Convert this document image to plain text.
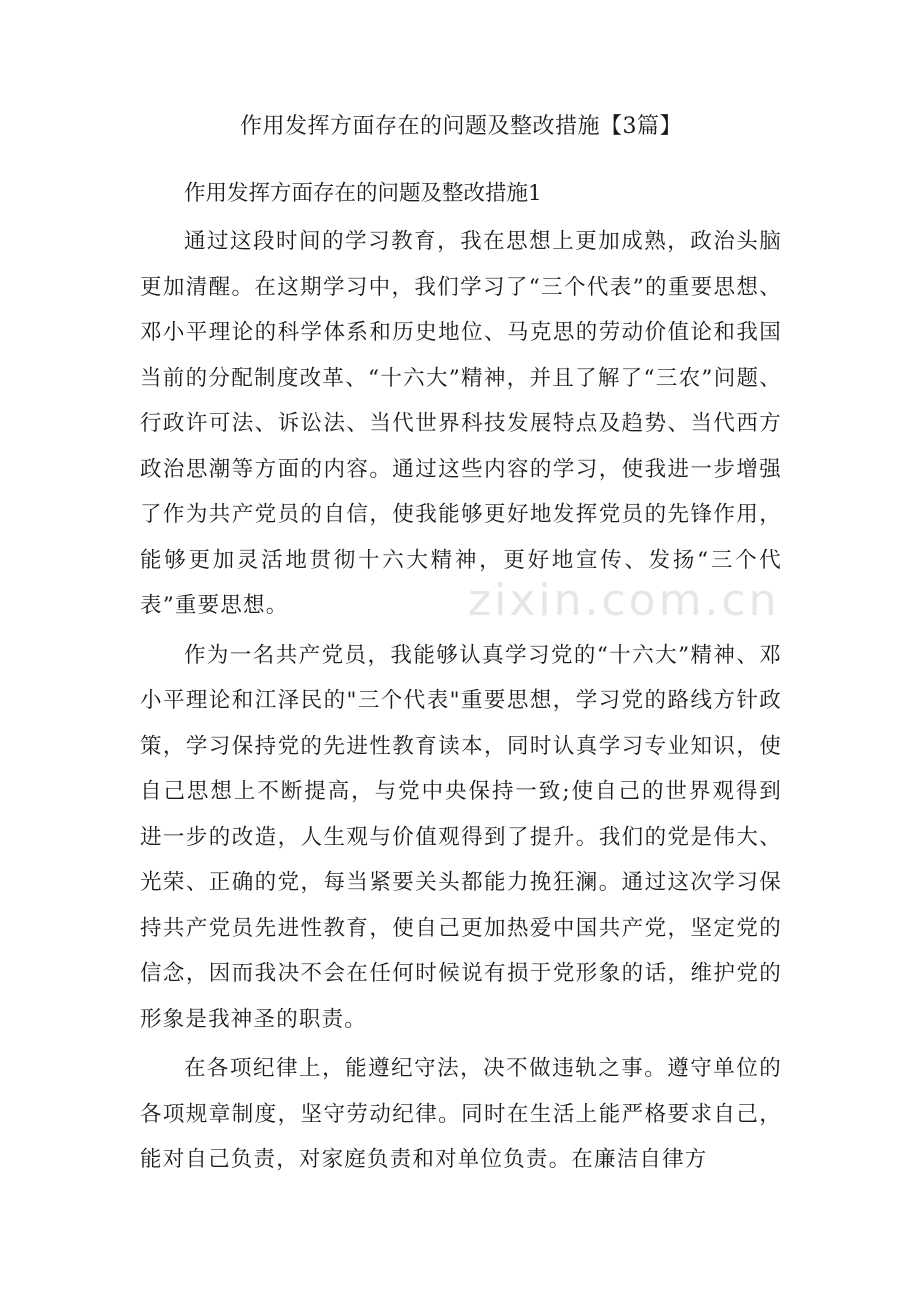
作用发挥方面存在的问题及整改措施【3篇】
作用发挥方面存在的问题及整改措施1

通过这段时间的学习教育，我在思想上更加成熟，政治头脑更加清醒。在这期学习中，我们学习了“三个代表”的重要思想、邓小平理论的科学体系和历史地位、马克思的劳动价值论和我国当前的分配制度改革、“十六大”精神，并且了解了“三农”问题、行政许可法、诉讼法、当代世界科技发展特点及趋势、当代西方政治思潮等方面的内容。通过这些内容的学习，使我进一步增强了作为共产党员的自信，使我能够更好地发挥党员的先锋作用，能够更加灵活地贯彻十六大精神，更好地宣传、发扬“三个代表”重要思想。

作为一名共产党员，我能够认真学习党的“十六大”精神、邓小平理论和江泽民的"三个代表"重要思想，学习党的路线方针政策，学习保持党的先进性教育读本，同时认真学习专业知识，使自己思想上不断提高，与党中央保持一致;使自己的世界观得到进一步的改造，人生观与价值观得到了提升。我们的党是伟大、光荣、正确的党，每当紧要关头都能力挽狂澜。通过这次学习保持共产党员先进性教育，使自己更加热爱中国共产党，坚定党的信念，因而我决不会在任何时候说有损于党形象的话，维护党的形象是我神圣的职责。

在各项纪律上，能遵纪守法，决不做违轨之事。遵守单位的各项规章制度，坚守劳动纪律。同时在生活上能严格要求自己，能对自己负责，对家庭负责和对单位负责。在廉洁自律方

zixin.com.cn
